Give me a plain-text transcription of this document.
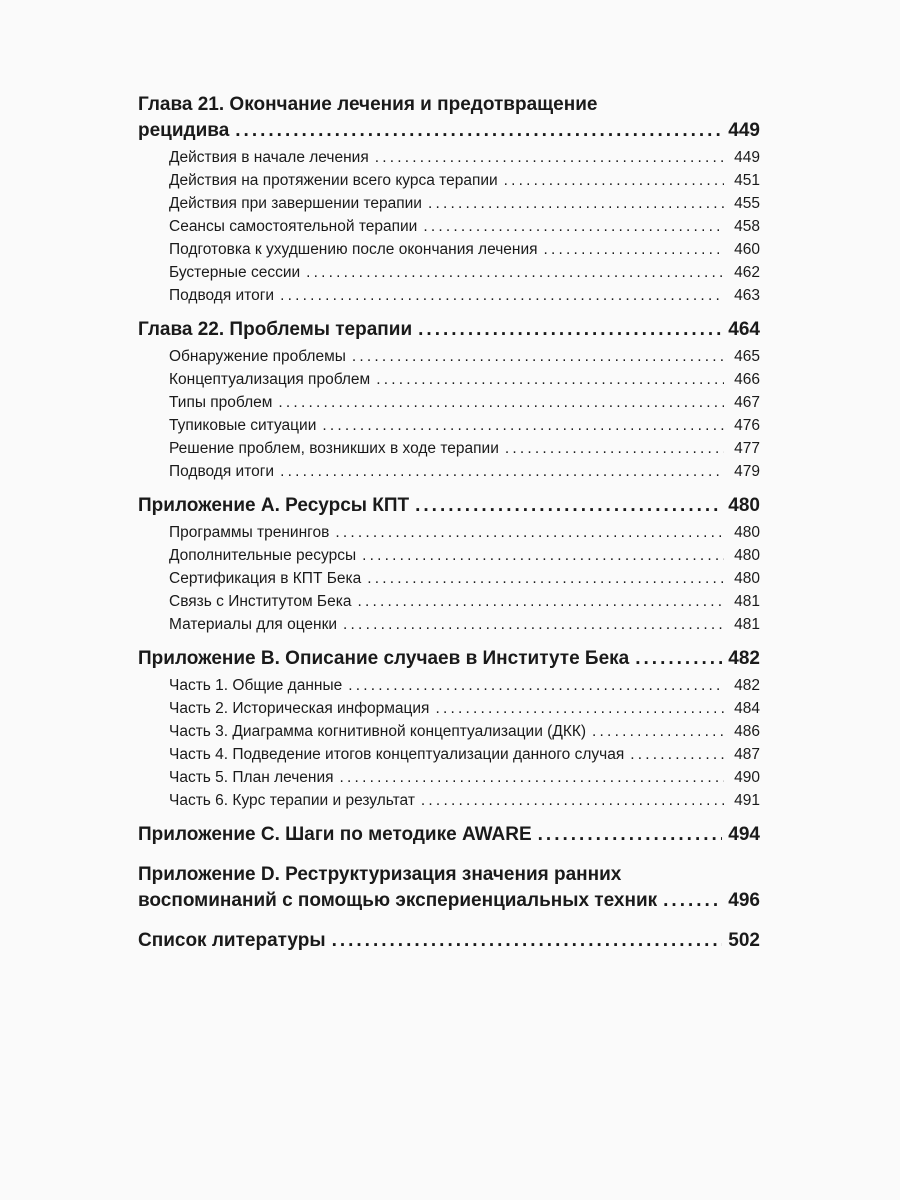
Глава 21. Окончание лечения и предотвращение
рецидива .....	449
Действия в начале лечения .....	449
Действия на протяжении всего курса терапии .....	451
Действия при завершении терапии .....	455
Сеансы самостоятельной терапии .....	458
Подготовка к ухудшению после окончания лечения .....	460
Бустерные сессии .....	462
Подводя итоги .....	463
Глава 22. Проблемы терапии .....	464
Обнаружение проблемы .....	465
Концептуализация проблем .....	466
Типы проблем .....	467
Тупиковые ситуации .....	476
Решение проблем, возникших в ходе терапии .....	477
Подводя итоги .....	479
Приложение А. Ресурсы КПТ .....	480
Программы тренингов .....	480
Дополнительные ресурсы .....	480
Сертификация в КПТ Бека .....	480
Связь с Институтом Бека .....	481
Материалы для оценки .....	481
Приложение B. Описание случаев в Институте Бека .....	482
Часть 1. Общие данные .....	482
Часть 2. Историческая информация .....	484
Часть 3. Диаграмма когнитивной концептуализации (ДКК) .....	486
Часть 4. Подведение итогов концептуализации данного случая .....	487
Часть 5. План лечения .....	490
Часть 6. Курс терапии и результат .....	491
Приложение C. Шаги по методике AWARE .....	494
Приложение D. Реструктуризация значения ранних
воспоминаний с помощью экспериенциальных техник .....	496
Список литературы .....	502
